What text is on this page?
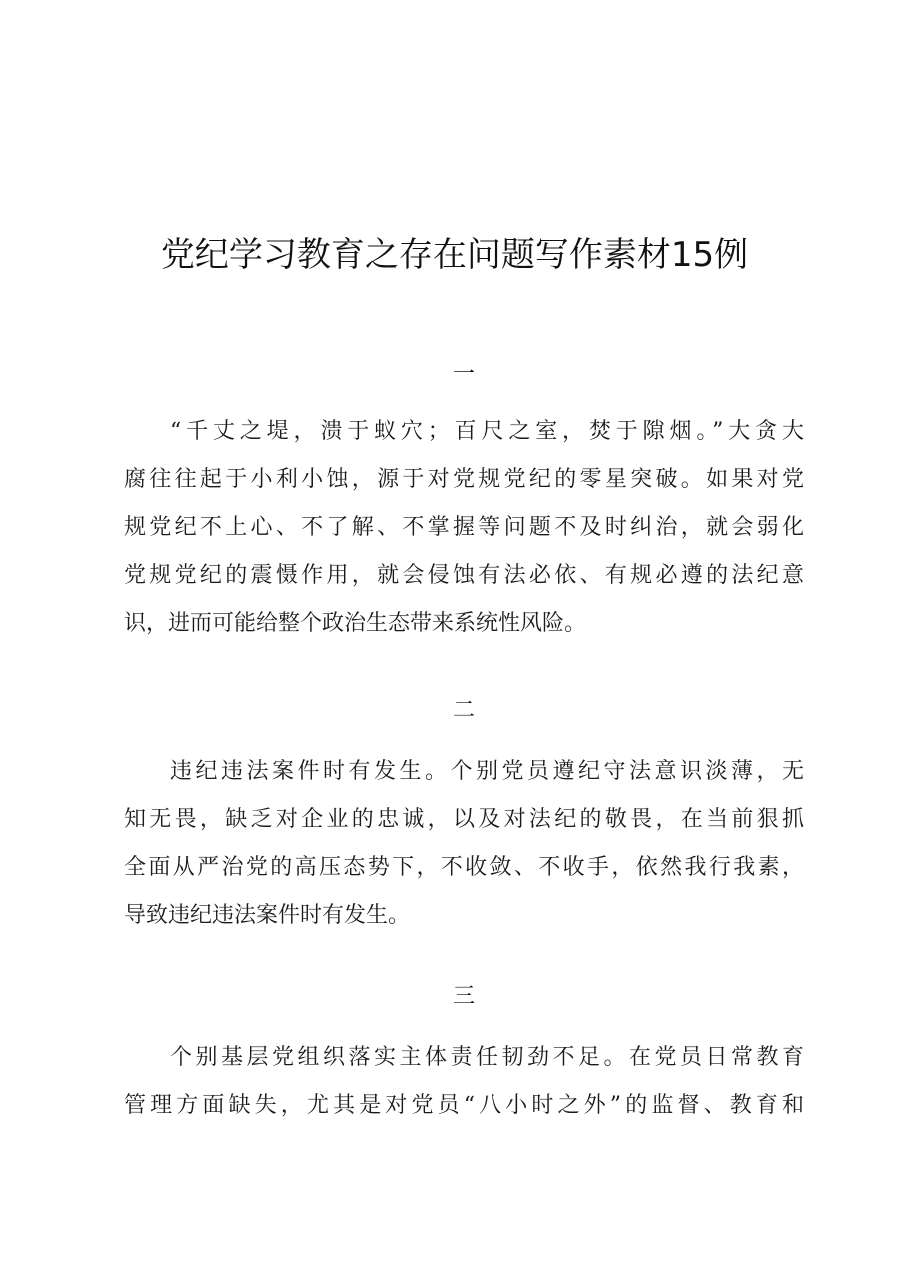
党纪学习教育之存在问题写作素材15例
一
“千丈之堤，溃于蚁穴；百尺之室，焚于隙烟。”大贪大
腐往往起于小利小蚀，源于对党规党纪的零星突破。如果对党
规党纪不上心、不了解、不掌握等问题不及时纠治，就会弱化
党规党纪的震慑作用，就会侵蚀有法必依、有规必遵的法纪意
识，进而可能给整个政治生态带来系统性风险。
二
违纪违法案件时有发生。个别党员遵纪守法意识淡薄，无
知无畏，缺乏对企业的忠诚，以及对法纪的敬畏，在当前狠抓
全面从严治党的高压态势下，不收敛、不收手，依然我行我素，
导致违纪违法案件时有发生。
三
个别基层党组织落实主体责任韧劲不足。在党员日常教育
管理方面缺失，尤其是对党员“八小时之外”的监督、教育和
